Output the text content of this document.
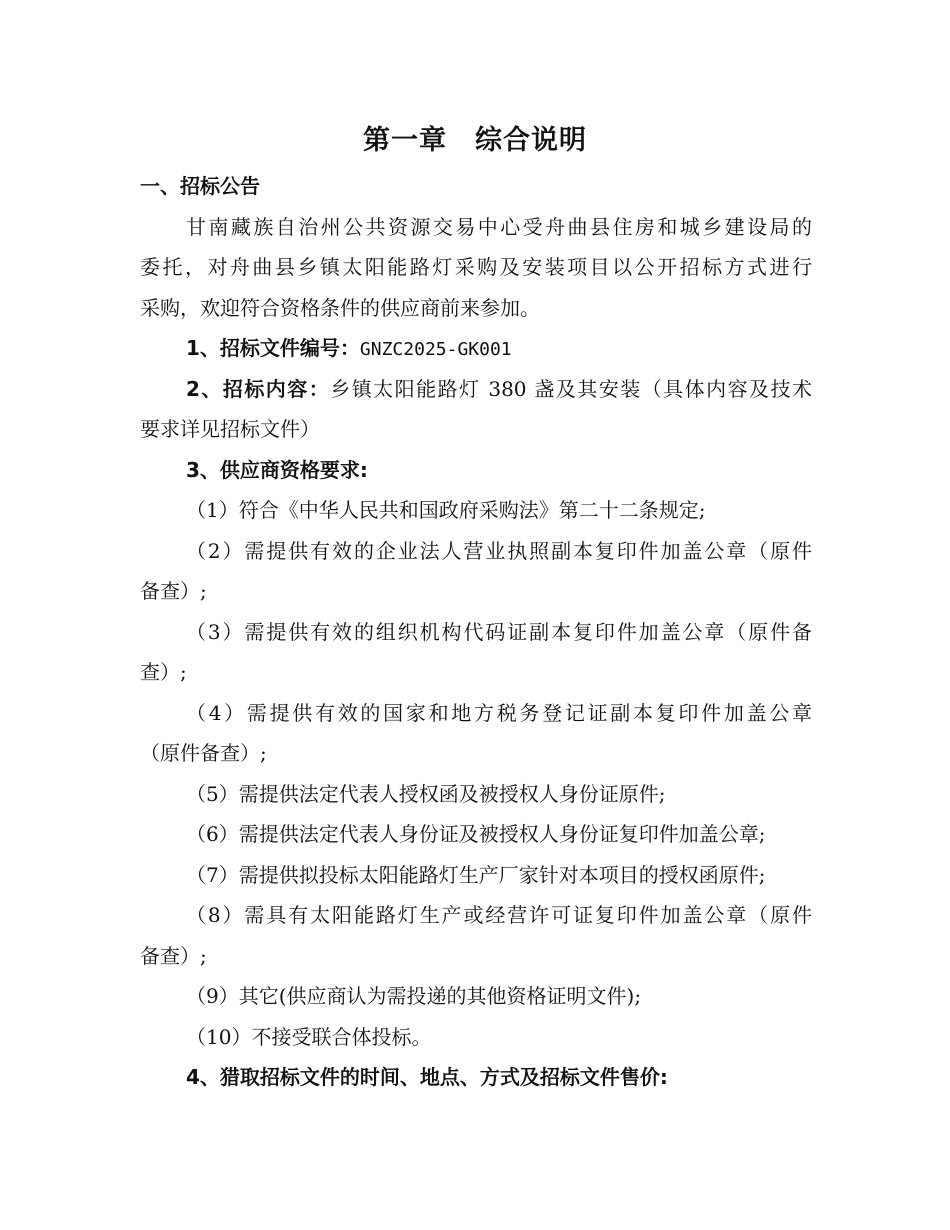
第一章　综合说明
一、招标公告
甘南藏族自治州公共资源交易中心受舟曲县住房和城乡建设局的
委托，对舟曲县乡镇太阳能路灯采购及安装项目以公开招标方式进行
采购，欢迎符合资格条件的供应商前来参加。
1、招标文件编号：GNZC2025-GK001
2、招标内容：乡镇太阳能路灯 380 盏及其安装（具体内容及技术
要求详见招标文件）
3、供应商资格要求:
（1）符合《中华人民共和国政府采购法》第二十二条规定;
（2）需提供有效的企业法人营业执照副本复印件加盖公章（原件
备查）;
（3）需提供有效的组织机构代码证副本复印件加盖公章（原件备
查）;
（4）需提供有效的国家和地方税务登记证副本复印件加盖公章
（原件备查）;
（5）需提供法定代表人授权函及被授权人身份证原件;
（6）需提供法定代表人身份证及被授权人身份证复印件加盖公章;
（7）需提供拟投标太阳能路灯生产厂家针对本项目的授权函原件;
（8）需具有太阳能路灯生产或经营许可证复印件加盖公章（原件
备查）;
（9）其它(供应商认为需投递的其他资格证明文件);
（10）不接受联合体投标。
4、猎取招标文件的时间、地点、方式及招标文件售价:
